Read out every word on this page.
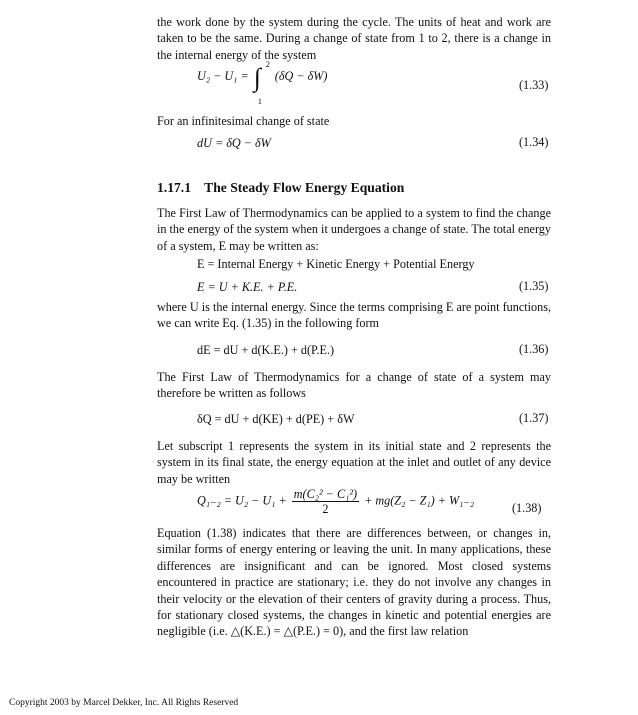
the work done by the system during the cycle. The units of heat and work are taken to be the same. During a change of state from 1 to 2, there is a change in the internal energy of the system

U₂ − U₁ = ∫ 2
1
(δQ − δW)
(1.33)

For an infinitesimal change of state

dU = δQ − δW	(1.34)
1.17.1 The Steady Flow Energy Equation

The First Law of Thermodynamics can be applied to a system to find the change in the energy of the system when it undergoes a change of state. The total energy of a system, E may be written as:

E = Internal Energy + Kinetic Energy + Potential Energy
E = U + K.E. + P.E.	(1.35)

where U is the internal energy. Since the terms comprising E are point functions, we can write Eq. (1.35) in the following form

dE = dU + d(K.E.) + d(P.E.)	(1.36)

The First Law of Thermodynamics for a change of state of a system may therefore be written as follows

δQ = dU + d(KE) + d(PE) + δW	(1.37)

Let subscript 1 represents the system in its initial state and 2 represents the system in its final state, the energy equation at the inlet and outlet of any device may be written

$Q_{1-2} = U_2 - U_1 + \frac{\text{m(C₂² − C₁²)}}{2} + mg(Z_2 - Z_1) + W_{1-2}$
(1.38)

Equation (1.38) indicates that there are differences between, or changes in, similar forms of energy entering or leaving the unit. In many applications, these differences are insignificant and can be ignored. Most closed systems encountered in practice are stationary; i.e. they do not involve any changes in their velocity or the elevation of their centers of gravity during a process. Thus, for stationary closed systems, the changes in kinetic and potential energies are negligible (i.e. △(K.E.) = △(P.E.) = 0), and the first law relation

Copyright 2003 by Marcel Dekker, Inc. All Rights Reserved
